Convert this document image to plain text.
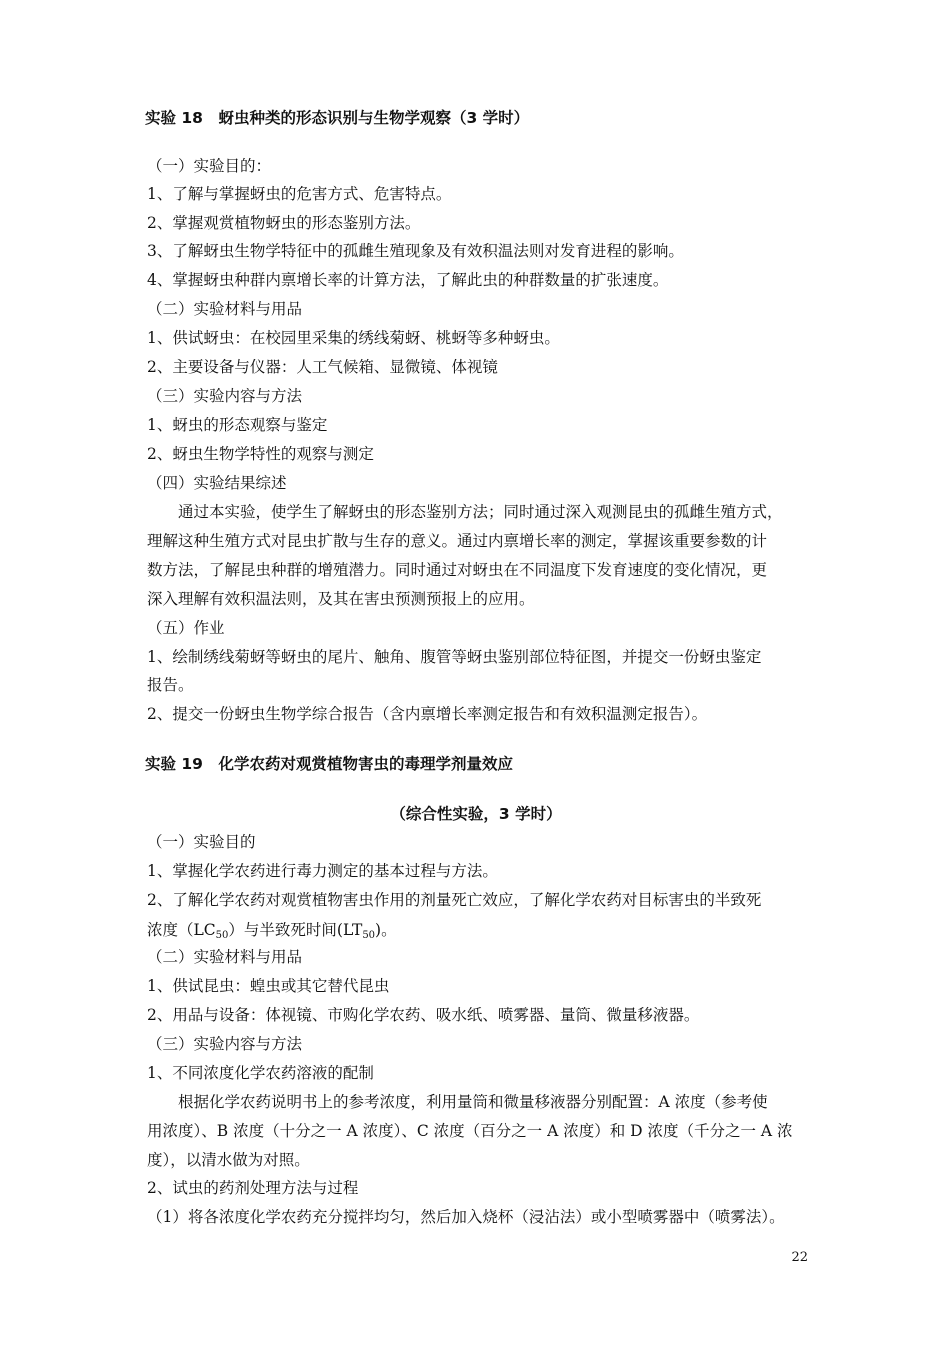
实验 18　蚜虫种类的形态识别与生物学观察（3 学时）
（一）实验目的：
1、了解与掌握蚜虫的危害方式、危害特点。
2、掌握观赏植物蚜虫的形态鉴别方法。
3、了解蚜虫生物学特征中的孤雌生殖现象及有效积温法则对发育进程的影响。
4、掌握蚜虫种群内禀增长率的计算方法，了解此虫的种群数量的扩张速度。
（二）实验材料与用品
1、供试蚜虫：在校园里采集的绣线菊蚜、桃蚜等多种蚜虫。
2、主要设备与仪器：人工气候箱、显微镜、体视镜
（三）实验内容与方法
1、蚜虫的形态观察与鉴定
2、蚜虫生物学特性的观察与测定
（四）实验结果综述
　　通过本实验，使学生了解蚜虫的形态鉴别方法；同时通过深入观测昆虫的孤雌生殖方式，
理解这种生殖方式对昆虫扩散与生存的意义。通过内禀增长率的测定，掌握该重要参数的计
数方法，了解昆虫种群的增殖潜力。同时通过对蚜虫在不同温度下发育速度的变化情况，更
深入理解有效积温法则，及其在害虫预测预报上的应用。
（五）作业
1、绘制绣线菊蚜等蚜虫的尾片、触角、腹管等蚜虫鉴别部位特征图，并提交一份蚜虫鉴定
报告。
2、提交一份蚜虫生物学综合报告（含内禀增长率测定报告和有效积温测定报告）。
实验 19　化学农药对观赏植物害虫的毒理学剂量效应
（综合性实验，3 学时）
（一）实验目的
1、掌握化学农药进行毒力测定的基本过程与方法。
2、了解化学农药对观赏植物害虫作用的剂量死亡效应，了解化学农药对目标害虫的半致死
浓度$(LC_{50})$与半致死时间$(LT_{50})$。
（二）实验材料与用品
1、供试昆虫：蝗虫或其它替代昆虫
2、用品与设备：体视镜、市购化学农药、吸水纸、喷雾器、量筒、微量移液器。
（三）实验内容与方法
1、不同浓度化学农药溶液的配制
　　根据化学农药说明书上的参考浓度，利用量筒和微量移液器分别配置：A 浓度（参考使
用浓度）、B 浓度（十分之一 A 浓度）、C 浓度（百分之一 A 浓度）和 D 浓度（千分之一 A 浓
度），以清水做为对照。
2、试虫的药剂处理方法与过程
（1）将各浓度化学农药充分搅拌均匀，然后加入烧杯（浸沾法）或小型喷雾器中（喷雾法）。
22
